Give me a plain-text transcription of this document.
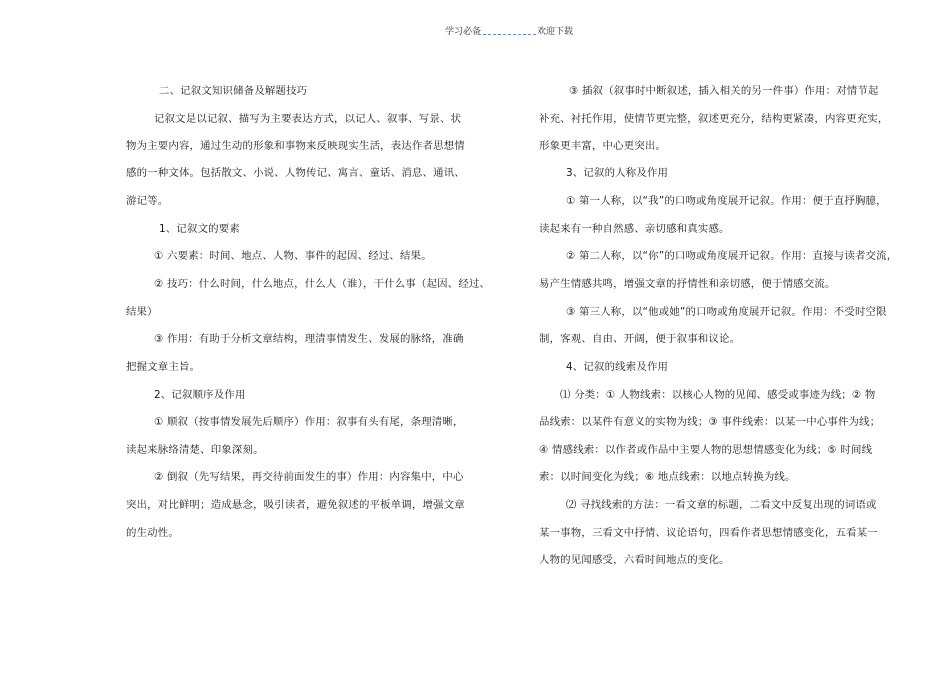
学习必备	欢迎下载
二、记叙文知识储备及解题技巧
记叙文是以记叙、描写为主要表达方式，以记人、叙事、写景、状
物为主要内容，通过生动的形象和事物来反映现实生活，表达作者思想情
感的一种文体。包括散文、小说、人物传记、寓言、童话、消息、通讯、
游记等。
1、记叙文的要素
① 六要素：时间、地点、人物、事件的起因、经过、结果。
② 技巧：什么时间，什么地点，什么人（谁），干什么事（起因、经过、
结果）
③ 作用：有助于分析文章结构，理清事情发生、发展的脉络，准确
把握文章主旨。
2、记叙顺序及作用
① 顺叙（按事情发展先后顺序）作用：叙事有头有尾，条理清晰，
读起来脉络清楚、印象深刻。
② 倒叙（先写结果，再交待前面发生的事）作用：内容集中，中心
突出，对比鲜明；造成悬念，吸引读者，避免叙述的平板单调，增强文章
的生动性。
③ 插叙（叙事时中断叙述，插入相关的另一件事）作用：对情节起
补充、衬托作用，使情节更完整，叙述更充分，结构更紧凑，内容更充实，
形象更丰富，中心更突出。
3、记叙的人称及作用
① 第一人称，以“我”的口吻或角度展开记叙。作用：便于直抒胸臆，
读起来有一种自然感、亲切感和真实感。
② 第二人称，以“你”的口吻或角度展开记叙。作用：直接与读者交流，
易产生情感共鸣，增强文章的抒情性和亲切感，便于情感交流。
③ 第三人称，以“他或她”的口吻或角度展开记叙。作用：不受时空限
制，客观、自由、开阔，便于叙事和议论。
4、记叙的线索及作用
⑴ 分类：① 人物线索：以核心人物的见闻、感受或事迹为线；② 物
品线索：以某件有意义的实物为线；③ 事件线索：以某一中心事件为线；
④ 情感线索：以作者或作品中主要人物的思想情感变化为线；⑤ 时间线
索：以时间变化为线；⑥ 地点线索：以地点转换为线。
⑵ 寻找线索的方法：一看文章的标题，二看文中反复出现的词语或
某一事物，三看文中抒情、议论语句，四看作者思想情感变化，五看某一
人物的见闻感受，六看时间地点的变化。
